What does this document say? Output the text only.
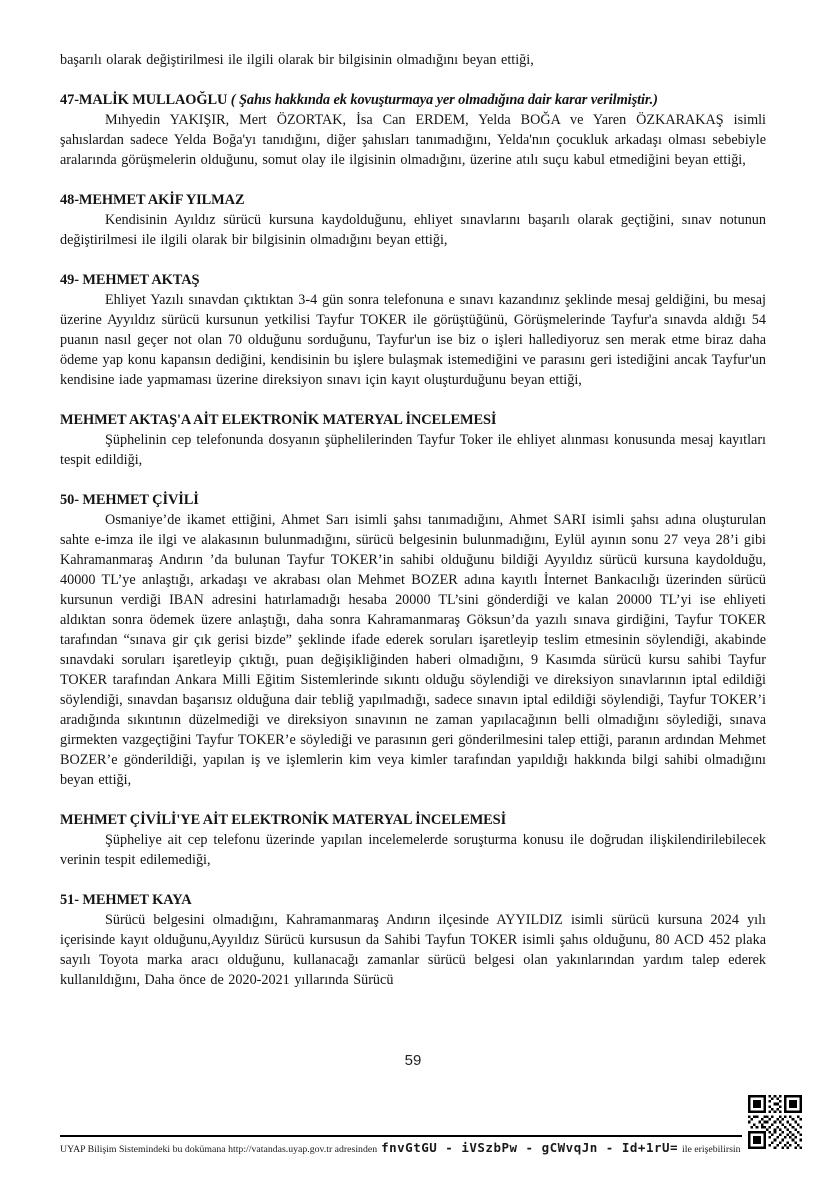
başarılı olarak değiştirilmesi ile ilgili olarak bir bilgisinin olmadığını beyan ettiği,

47-MALİK MULLAOĞLU ( Şahıs hakkında ek kovuşturmaya yer olmadığına dair karar verilmiştir.)

Mıhyedin YAKIŞIR, Mert ÖZORTAK, İsa Can ERDEM, Yelda BOĞA ve Yaren ÖZKARAKAŞ isimli şahıslardan sadece Yelda Boğa'yı tanıdığını, diğer şahısları tanımadığını, Yelda'nın çocukluk arkadaşı olması sebebiyle aralarında görüşmelerin olduğunu, somut olay ile ilgisinin olmadığını, üzerine atılı suçu kabul etmediğini beyan ettiği,

48-MEHMET AKİF YILMAZ

Kendisinin Ayıldız sürücü kursuna kaydolduğunu, ehliyet sınavlarını başarılı olarak geçtiğini, sınav notunun değiştirilmesi ile ilgili olarak bir bilgisinin olmadığını beyan ettiği,

49- MEHMET AKTAŞ

Ehliyet Yazılı sınavdan çıktıktan 3-4 gün sonra telefonuna e sınavı kazandınız şeklinde mesaj geldiğini, bu mesaj üzerine Ayyıldız sürücü kursunun yetkilisi Tayfur TOKER ile görüştüğünü, Görüşmelerinde Tayfur'a sınavda aldığı 54 puanın nasıl geçer not olan 70 olduğunu sorduğunu, Tayfur'un ise biz o işleri hallediyoruz sen merak etme biraz daha ödeme yap konu kapansın dediğini, kendisinin bu işlere bulaşmak istemediğini ve parasını geri istediğini ancak Tayfur'un kendisine iade yapmaması üzerine direksiyon sınavı için kayıt oluşturduğunu beyan ettiği,

MEHMET AKTAŞ'A AİT ELEKTRONİK MATERYAL İNCELEMESİ

Şüphelinin cep telefonunda dosyanın şüphelilerinden Tayfur Toker ile ehliyet alınması konusunda mesaj kayıtları tespit edildiği,

50- MEHMET ÇİVİLİ

Osmaniye’de ikamet ettiğini, Ahmet Sarı isimli şahsı tanımadığını, Ahmet SARI isimli şahsı adına oluşturulan sahte e-imza ile ilgi ve alakasının bulunmadığını, sürücü belgesinin bulunmadığını, Eylül ayının sonu 27 veya 28’i gibi Kahramanmaraş Andırın ’da bulunan Tayfur TOKER’in sahibi olduğunu bildiği Ayyıldız sürücü kursuna kaydolduğu, 40000 TL’ye anlaştığı, arkadaşı ve akrabası olan Mehmet BOZER adına kayıtlı İnternet Bankacılığı üzerinden sürücü kursunun verdiği IBAN adresini hatırlamadığı hesaba 20000 TL’sini gönderdiği ve kalan 20000 TL’yi ise ehliyeti aldıktan sonra ödemek üzere anlaştığı, daha sonra Kahramanmaraş Göksun’da yazılı sınava girdiğini, Tayfur TOKER tarafından “sınava gir çık gerisi bizde” şeklinde ifade ederek soruları işaretleyip teslim etmesinin söylendiği, akabinde sınavdaki soruları işaretleyip çıktığı, puan değişikliğinden haberi olmadığını, 9 Kasımda sürücü kursu sahibi Tayfur TOKER tarafından Ankara Milli Eğitim Sistemlerinde sıkıntı olduğu söylendiği ve direksiyon sınavlarının iptal edildiği söylendiği, sınavdan başarısız olduğuna dair tebliğ yapılmadığı, sadece sınavın iptal edildiği söylendiği, Tayfur TOKER’i aradığında sıkıntının düzelmediği ve direksiyon sınavının ne zaman yapılacağının belli olmadığını söylediği, sınava girmekten vazgeçtiğini Tayfur TOKER’e söylediği ve parasının geri gönderilmesini talep ettiği, paranın ardından Mehmet BOZER’e gönderildiği, yapılan iş ve işlemlerin kim veya kimler tarafından yapıldığı hakkında bilgi sahibi olmadığını beyan ettiği,

MEHMET ÇİVİLİ'YE AİT ELEKTRONİK MATERYAL İNCELEMESİ

Şüpheliye ait cep telefonu üzerinde yapılan incelemelerde soruşturma konusu ile doğrudan ilişkilendirilebilecek verinin tespit edilemediği,

51- MEHMET KAYA

Sürücü belgesini olmadığını, Kahramanmaraş Andırın ilçesinde AYYILDIZ isimli sürücü kursuna 2024 yılı içerisinde kayıt olduğunu,Ayyıldız Sürücü kursusun da Sahibi Tayfun TOKER isimli şahıs olduğunu, 80 ACD 452 plaka sayılı Toyota marka aracı olduğunu, kullanacağı zamanlar sürücü belgesi olan yakınlarından yardım talep ederek kullanıldığını, Daha önce de 2020-2021 yıllarında Sürücü

59
UYAP Bilişim Sistemindeki bu dokümana http://vatandas.uyap.gov.tr adresinden fnvGtGU - iVSzbPw - gCWvqJn - Id+1rU= ile erişebilirsin
